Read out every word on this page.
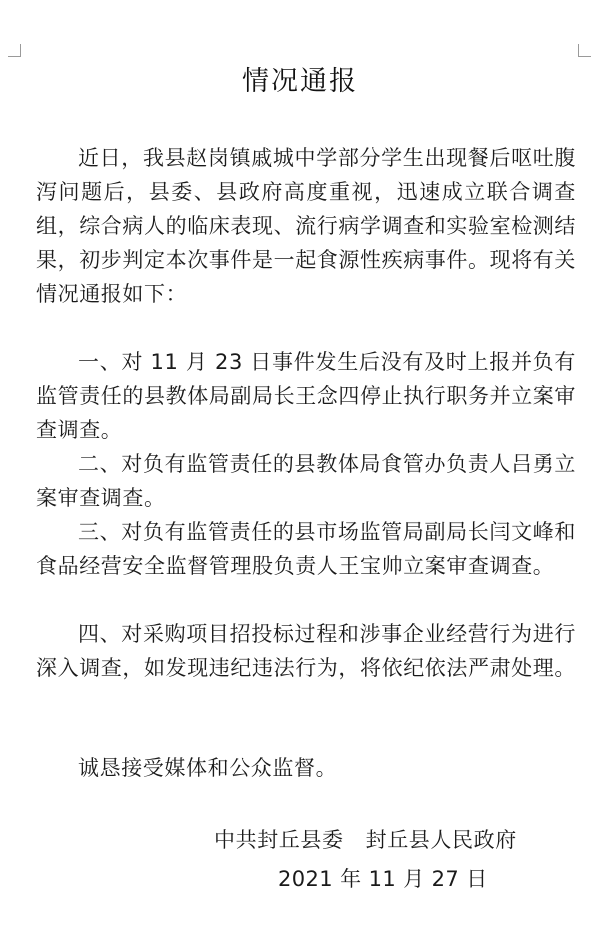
情况通报

近日，我县赵岗镇戚城中学部分学生出现餐后呕吐腹泻问题后，县委、县政府高度重视，迅速成立联合调查组，综合病人的临床表现、流行病学调查和实验室检测结果，初步判定本次事件是一起食源性疾病事件。现将有关情况通报如下：

一、对 11 月 23 日事件发生后没有及时上报并负有监管责任的县教体局副局长王念四停止执行职务并立案审查调查。

二、对负有监管责任的县教体局食管办负责人吕勇立案审查调查。

三、对负有监管责任的县市场监管局副局长闫文峰和食品经营安全监督管理股负责人王宝帅立案审查调查。

四、对采购项目招投标过程和涉事企业经营行为进行深入调查，如发现违纪违法行为，将依纪依法严肃处理。

诚恳接受媒体和公众监督。

中共封丘县委 封丘县人民政府
2021 年 11 月 27 日
